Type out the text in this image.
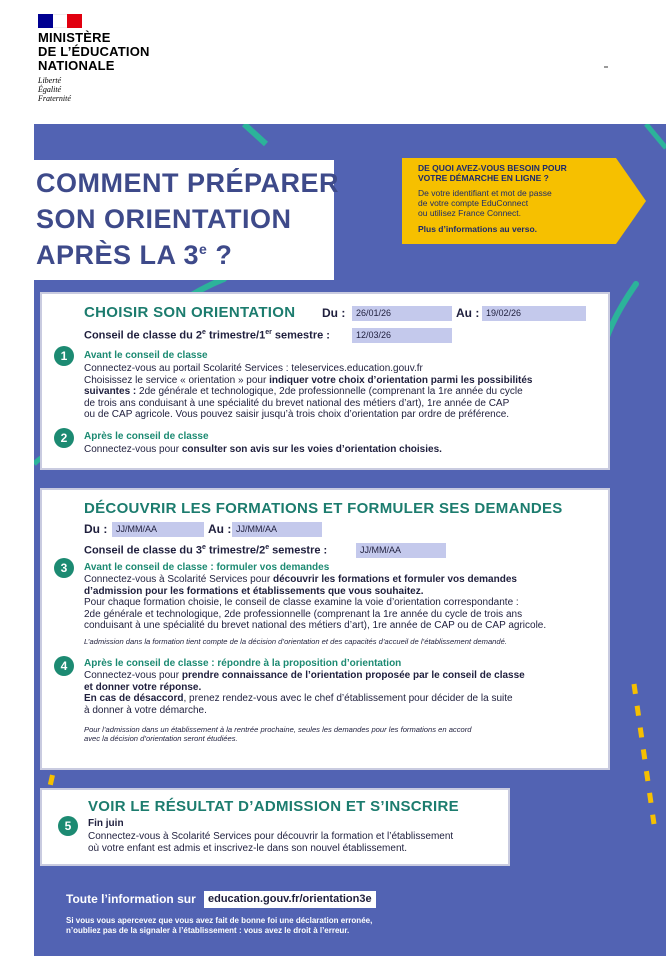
MINISTÈRE
DE L’ÉDUCATION
NATIONALE
Liberté
Égalité
Fraternité
COMMENT PRÉPARER
SON ORIENTATION
APRÈS LA 3e ?
DE QUOI AVEZ-VOUS BESOIN POUR
VOTRE DÉMARCHE EN LIGNE ?
De votre identifiant et mot de passe
de votre compte EduConnect
ou utilisez France Connect.
Plus d’informations au verso.
CHOISIR SON ORIENTATION Du :	26/01/26	Au : 19/02/26
Conseil de classe du 2e trimestre/1er semestre :	12/03/26
1	Avant le conseil de classe
Connectez-vous au portail Scolarité Services : teleservices.education.gouv.fr
Choisissez le service « orientation » pour indiquer votre choix d’orientation parmi les possibilités
suivantes : 2de générale et technologique, 2de professionnelle (comprenant la 1re année du cycle
de trois ans conduisant à une spécialité du brevet national des métiers d’art), 1re année de CAP
ou de CAP agricole. Vous pouvez saisir jusqu’à trois choix d’orientation par ordre de préférence.
2	Après le conseil de classe
Connectez-vous pour consulter son avis sur les voies d’orientation choisies.
DÉCOUVRIR LES FORMATIONS ET FORMULER SES DEMANDES
Du : JJ/MM/AA	Au : JJ/MM/AA
Conseil de classe du 3e trimestre/2e semestre :	JJ/MM/AA
3	Avant le conseil de classe : formuler vos demandes
Connectez-vous à Scolarité Services pour découvrir les formations et formuler vos demandes
d’admission pour les formations et établissements que vous souhaitez.
Pour chaque formation choisie, le conseil de classe examine la voie d’orientation correspondante :
2de générale et technologique, 2de professionnelle (comprenant la 1re année du cycle de trois ans
conduisant à une spécialité du brevet national des métiers d’art), 1re année de CAP ou de CAP agricole.
L’admission dans la formation tient compte de la décision d’orientation et des capacités d’accueil de l’établissement demandé.
4	Après le conseil de classe : répondre à la proposition d’orientation
Connectez-vous pour prendre connaissance de l’orientation proposée par le conseil de classe
et donner votre réponse.
En cas de désaccord, prenez rendez-vous avec le chef d’établissement pour décider de la suite
à donner à votre démarche.
Pour l’admission dans un établissement à la rentrée prochaine, seules les demandes pour les formations en accord
avec la décision d’orientation seront étudiées.
VOIR LE RÉSULTAT D’ADMISSION ET S’INSCRIRE
5	Fin juin
Connectez-vous à Scolarité Services pour découvrir la formation et l’établissement
où votre enfant est admis et inscrivez-le dans son nouvel établissement.
Toute l’information sur	education.gouv.fr/orientation3e
Si vous vous apercevez que vous avez fait de bonne foi une déclaration erronée,
n’oubliez pas de la signaler à l’établissement : vous avez le droit à l’erreur.
